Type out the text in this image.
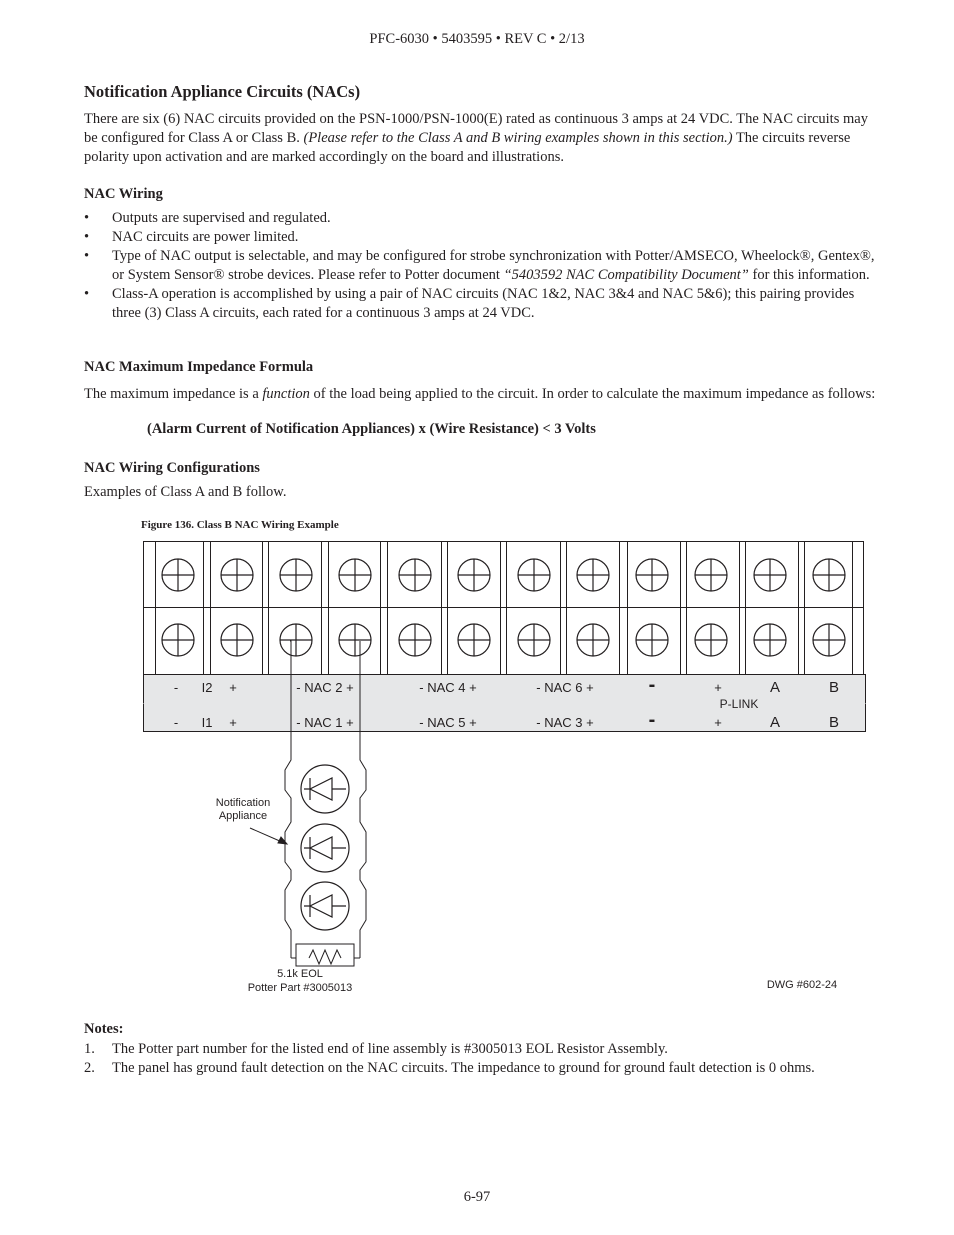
PFC-6030 • 5403595 • REV C • 2/13
Notification Appliance Circuits (NACs)
There are six (6) NAC circuits provided on the PSN-1000/PSN-1000(E) rated as continuous 3 amps at 24 VDC. The NAC circuits may be configured for Class A or Class B. (Please refer to the Class A and B wiring examples shown in this section.) The circuits reverse polarity upon activation and are marked accordingly on the board and illustrations.
NAC Wiring
• Outputs are supervised and regulated.
• NAC circuits are power limited.
• Type of NAC output is selectable, and may be configured for strobe synchronization with Potter/AMSECO, Wheelock®, Gentex®, or System Sensor® strobe devices. Please refer to Potter document “5403592 NAC Compatibility Document” for this information.
• Class-A operation is accomplished by using a pair of NAC circuits (NAC 1&2, NAC 3&4 and NAC 5&6); this pairing provides three (3) Class A circuits, each rated for a continuous 3 amps at 24 VDC.
NAC Maximum Impedance Formula
The maximum impedance is a function of the load being applied to the circuit. In order to calculate the maximum impedance as follows:
(Alarm Current of Notification Appliances) x (Wire Resistance) < 3 Volts
NAC Wiring Configurations
Examples of Class A and B follow.
Figure 136. Class B NAC Wiring Example
- I2 +	- NAC 2 +	- NAC 4 +	- NAC 6 +	-	+	A	B
P-LINK
- I1 +	- NAC 1 +	- NAC 5 +	- NAC 3 +	-	+	A	B
Notification
Appliance
5.1k EOL
Potter Part #3005013	DWG #602-24
Notes:
1. The Potter part number for the listed end of line assembly is #3005013 EOL Resistor Assembly.
2. The panel has ground fault detection on the NAC circuits. The impedance to ground for ground fault detection is 0 ohms.
6-97
